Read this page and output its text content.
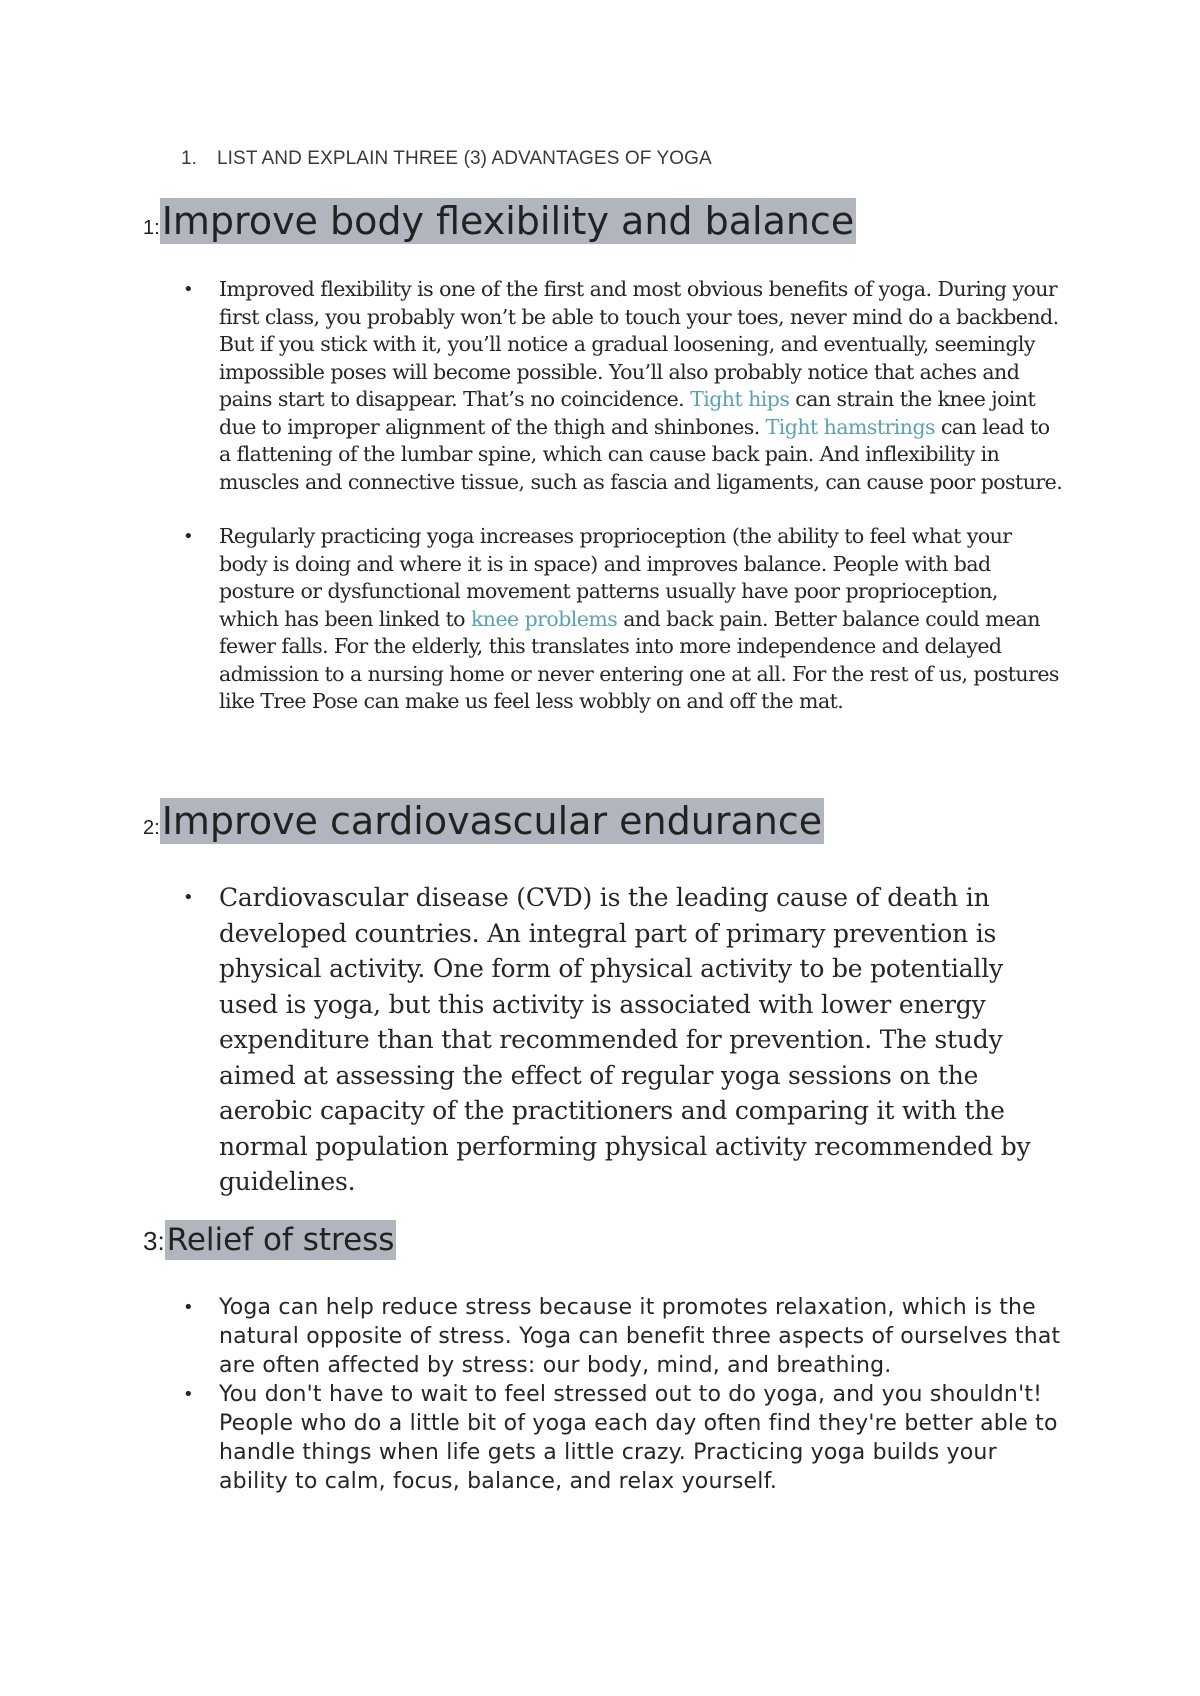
1. LIST AND EXPLAIN THREE (3) ADVANTAGES OF YOGA
1:Improve body flexibility and balance
• Improved flexibility is one of the first and most obvious benefits of yoga. During your first class, you probably won’t be able to touch your toes, never mind do a backbend. But if you stick with it, you’ll notice a gradual loosening, and eventually, seemingly impossible poses will become possible. You’ll also probably notice that aches and pains start to disappear. That’s no coincidence. Tight hips can strain the knee joint due to improper alignment of the thigh and shinbones. Tight hamstrings can lead to a flattening of the lumbar spine, which can cause back pain. And inflexibility in muscles and connective tissue, such as fascia and ligaments, can cause poor posture.
• Regularly practicing yoga increases proprioception (the ability to feel what your body is doing and where it is in space) and improves balance. People with bad posture or dysfunctional movement patterns usually have poor proprioception, which has been linked to knee problems and back pain. Better balance could mean fewer falls. For the elderly, this translates into more independence and delayed admission to a nursing home or never entering one at all. For the rest of us, postures like Tree Pose can make us feel less wobbly on and off the mat.
2:Improve cardiovascular endurance
• Cardiovascular disease (CVD) is the leading cause of death in developed countries. An integral part of primary prevention is physical activity. One form of physical activity to be potentially used is yoga, but this activity is associated with lower energy expenditure than that recommended for prevention. The study aimed at assessing the effect of regular yoga sessions on the aerobic capacity of the practitioners and comparing it with the normal population performing physical activity recommended by guidelines.
3:Relief of stress
• Yoga can help reduce stress because it promotes relaxation, which is the natural opposite of stress. Yoga can benefit three aspects of ourselves that are often affected by stress: our body, mind, and breathing.
• You don't have to wait to feel stressed out to do yoga, and you shouldn't! People who do a little bit of yoga each day often find they're better able to handle things when life gets a little crazy. Practicing yoga builds your ability to calm, focus, balance, and relax yourself.
